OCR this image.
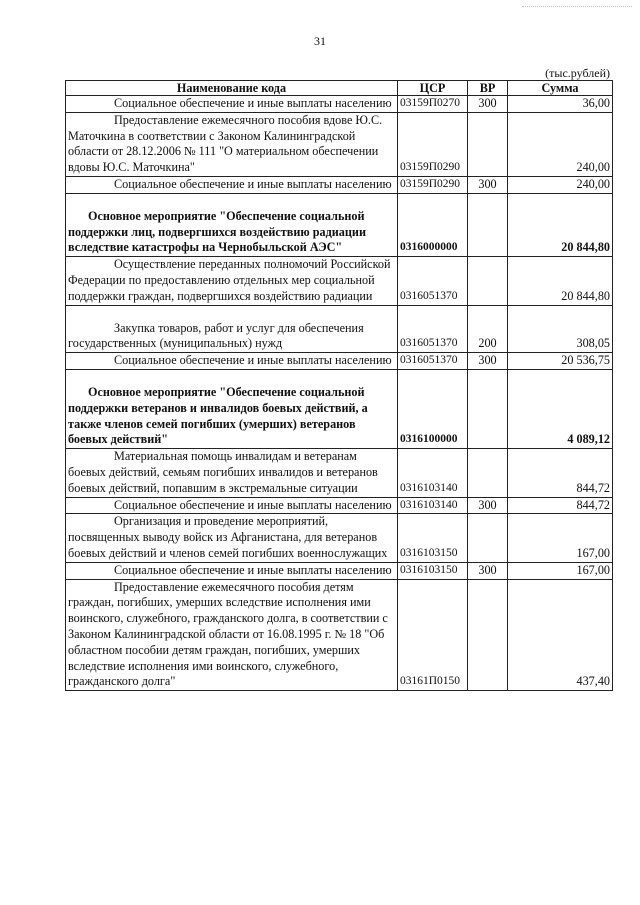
31
(тыс.рублей)
Наименование кода	ЦСР	ВР	Сумма

Социальное обеспечение и иные выплаты населению	03159П0270	300	36,00

Предоставление ежемесячного пособия вдове Ю.С. Маточкина в соответствии с Законом Калининградской области от 28.12.2006 № 111 "О материальном обеспечении вдовы Ю.С. Маточкина"	03159П0290		240,00

Социальное обеспечение и иные выплаты населению	03159П0290	300	240,00

Основное мероприятие "Обеспечение социальной поддержки лиц, подвергшихся воздействию радиации вследствие катастрофы на Чернобыльской АЭС"	0316000000		20 844,80

Осуществление переданных полномочий Российской Федерации по предоставлению отдельных мер социальной поддержки граждан, подвергшихся воздействию радиации	0316051370		20 844,80

Закупка товаров, работ и услуг для обеспечения государственных (муниципальных) нужд	0316051370	200	308,05

Социальное обеспечение и иные выплаты населению	0316051370	300	20 536,75

Основное мероприятие "Обеспечение социальной поддержки ветеранов и инвалидов боевых действий, а также членов семей погибших (умерших) ветеранов боевых действий"	0316100000		4 089,12

Материальная помощь инвалидам и ветеранам боевых действий, семьям погибших инвалидов и ветеранов боевых действий, попавшим в экстремальные ситуации	0316103140		844,72

Социальное обеспечение и иные выплаты населению	0316103140	300	844,72

Организация и проведение мероприятий, посвященных выводу войск из Афганистана, для ветеранов боевых действий и членов семей погибших военнослужащих	0316103150		167,00

Социальное обеспечение и иные выплаты населению	0316103150	300	167,00

Предоставление ежемесячного пособия детям граждан, погибших, умерших вследствие исполнения ими воинского, служебного, гражданского долга, в соответствии с Законом Калининградской области от 16.08.1995 г. № 18 "Об областном пособии детям граждан, погибших, умерших вследствие исполнения ими воинского, служебного, гражданского долга"	03161П0150		437,40
